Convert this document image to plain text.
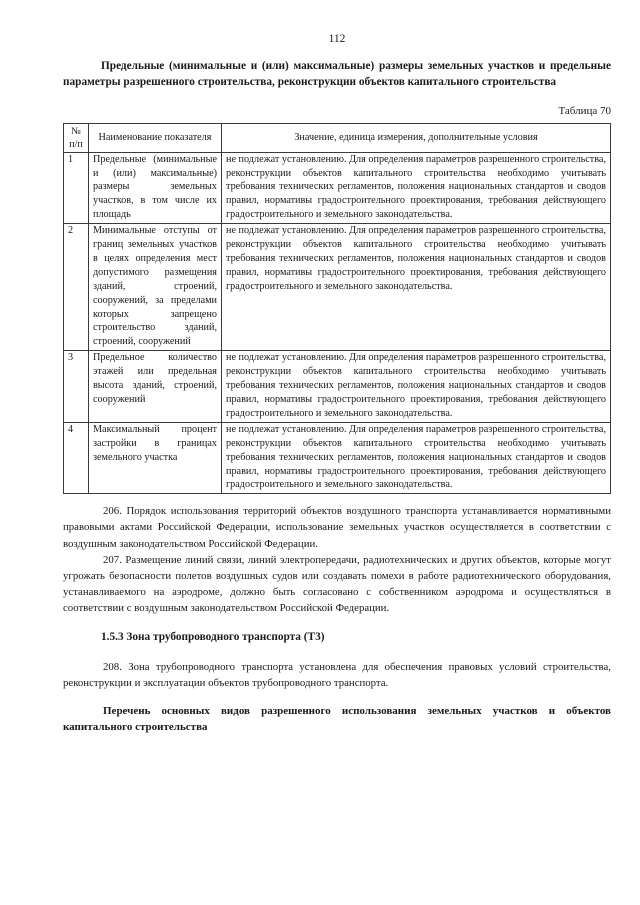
112

Предельные (минимальные и (или) максимальные) размеры земельных участков и предельные параметры разрешенного строительства, реконструкции объектов капитального строительства

Таблица 70

№ п/п	Наименование показателя	Значение, единица измерения, дополнительные условия
1	Предельные (минимальные и (или) максимальные) размеры земельных участков, в том числе их площадь	не подлежат установлению. Для определения параметров разрешенного строительства, реконструкции объектов капитального строительства необходимо учитывать требования технических регламентов, положения национальных стандартов и сводов правил, нормативы градостроительного проектирования, требования действующего градостроительного и земельного законодательства.
2	Минимальные отступы от границ земельных участков в целях определения мест допустимого размещения зданий, строений, сооружений, за пределами которых запрещено строительство зданий, строений, сооружений	не подлежат установлению. Для определения параметров разрешенного строительства, реконструкции объектов капитального строительства необходимо учитывать требования технических регламентов, положения национальных стандартов и сводов правил, нормативы градостроительного проектирования, требования действующего градостроительного и земельного законодательства.
3	Предельное количество этажей или предельная высота зданий, строений, сооружений	не подлежат установлению. Для определения параметров разрешенного строительства, реконструкции объектов капитального строительства необходимо учитывать требования технических регламентов, положения национальных стандартов и сводов правил, нормативы градостроительного проектирования, требования действующего градостроительного и земельного законодательства.
4	Максимальный процент застройки в границах земельного участка	не подлежат установлению. Для определения параметров разрешенного строительства, реконструкции объектов капитального строительства необходимо учитывать требования технических регламентов, положения национальных стандартов и сводов правил, нормативы градостроительного проектирования, требования действующего градостроительного и земельного законодательства.

206. Порядок использования территорий объектов воздушного транспорта устанавливается нормативными правовыми актами Российской Федерации, использование земельных участков осуществляется в соответствии с воздушным законодательством Российской Федерации.

207. Размещение линий связи, линий электропередачи, радиотехнических и других объектов, которые могут угрожать безопасности полетов воздушных судов или создавать помехи в работе радиотехнического оборудования, устанавливаемого на аэродроме, должно быть согласовано с собственником аэродрома и осуществляться в соответствии с воздушным законодательством Российской Федерации.

1.5.3 Зона трубопроводного транспорта (Т3)

208. Зона трубопроводного транспорта установлена для обеспечения правовых условий строительства, реконструкции и эксплуатации объектов трубопроводного транспорта.

Перечень основных видов разрешенного использования земельных участков и объектов капитального строительства
